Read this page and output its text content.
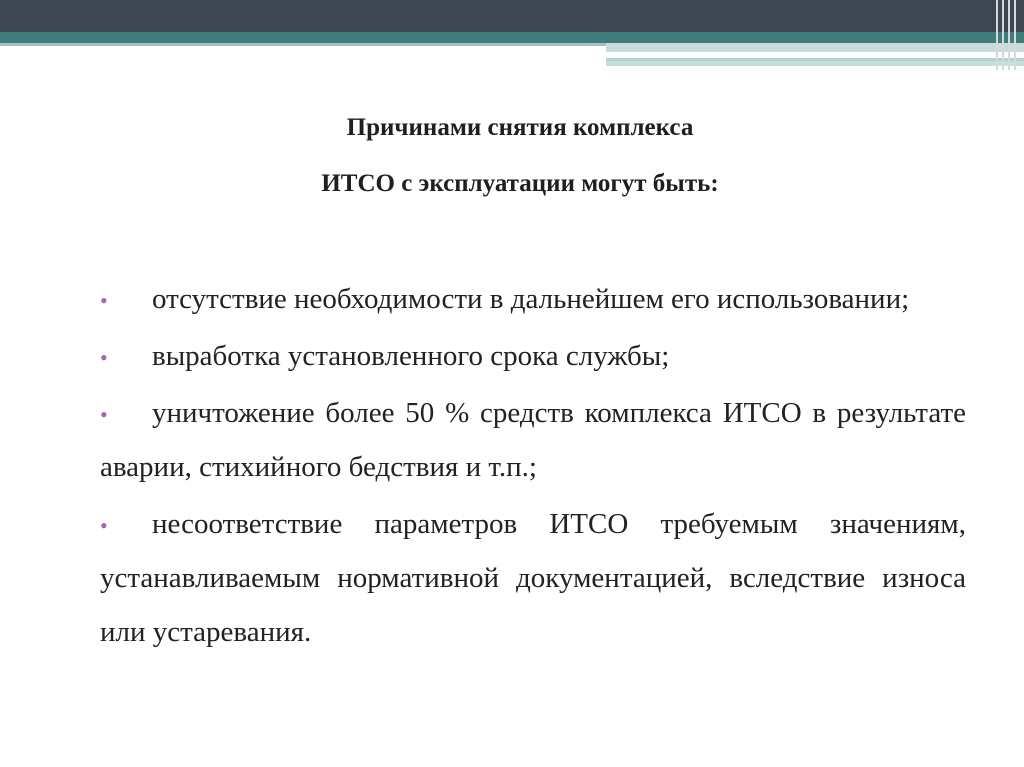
Причинами снятия комплекса
ИТСО с эксплуатации могут быть:
• отсутствие необходимости в дальнейшем его использовании;
• выработка установленного срока службы;
• уничтожение более 50 % средств комплекса ИТСО в результате аварии, стихийного бедствия и т.п.;
• несоответствие параметров ИТСО требуемым значениям, устанавливаемым нормативной документацией, вследствие износа или устаревания.
